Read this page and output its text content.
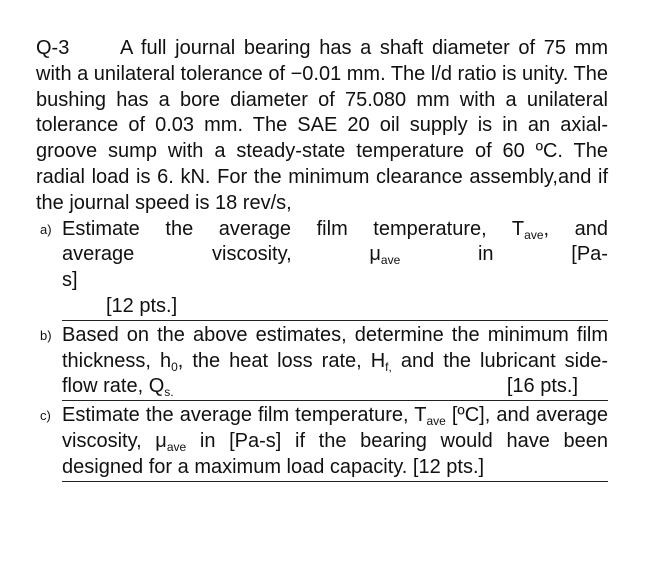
Q-3	A full journal bearing has a shaft diameter of 75 mm with a unilateral tolerance of −0.01 mm. The l/d ratio is unity. The bushing has a bore diameter of 75.080 mm with a unilateral tolerance of 0.03 mm. The SAE 20 oil supply is in an axial-groove sump with a steady-state temperature of 60 ºC. The radial load is 6. kN. For the minimum clearance assembly,and if the journal speed is 18 rev/s,

a) Estimate the average film temperature, $T_{ave}$, and
average	viscosity,	$\mu_{ave}$	in	[Pa-
s]
[12 pts.]
b) Based on the above estimates, determine the minimum film thickness, $h_0$, the heat loss rate, $H_{f,}$ and the lubricant side-flow rate, $Q_{s.}$	[16 pts.]
c) Estimate the average film temperature, $T_{ave}$ [ºC], and average viscosity, $\mu_{ave}$ in [Pa-s] if the bearing would have been designed for a maximum load capacity. [12 pts.]
